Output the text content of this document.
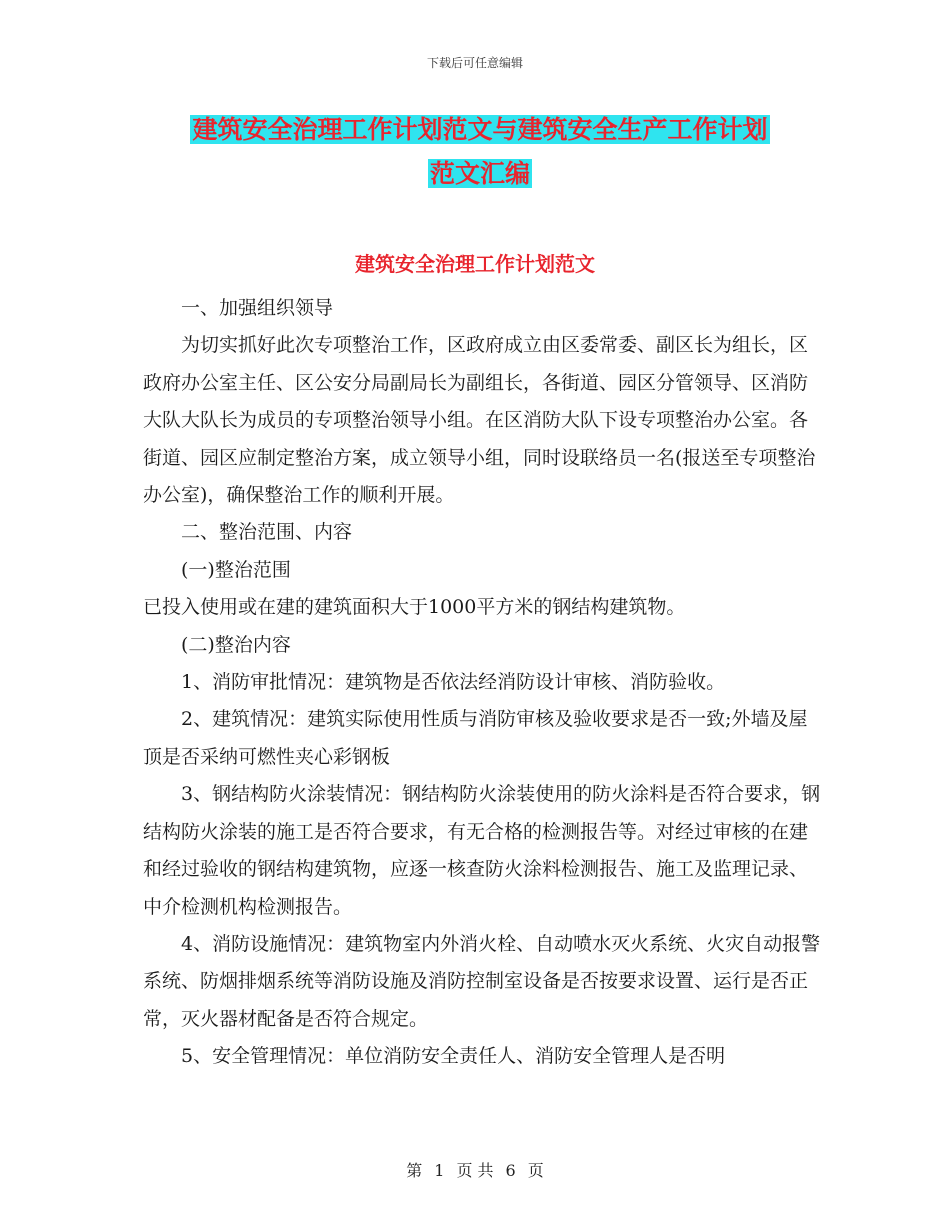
下载后可任意编辑
建筑安全治理工作计划范文与建筑安全生产工作计划
范文汇编
建筑安全治理工作计划范文

一、加强组织领导

为切实抓好此次专项整治工作，区政府成立由区委常委、副区长为组长，区政府办公室主任、区公安分局副局长为副组长，各街道、园区分管领导、区消防大队大队长为成员的专项整治领导小组。在区消防大队下设专项整治办公室。各街道、园区应制定整治方案，成立领导小组，同时设联络员一名(报送至专项整治办公室)，确保整治工作的顺利开展。

二、整治范围、内容

(一)整治范围

已投入使用或在建的建筑面积大于1000平方米的钢结构建筑物。

(二)整治内容

1、消防审批情况：建筑物是否依法经消防设计审核、消防验收。

2、建筑情况：建筑实际使用性质与消防审核及验收要求是否一致;外墙及屋顶是否采纳可燃性夹心彩钢板

3、钢结构防火涂装情况：钢结构防火涂装使用的防火涂料是否符合要求，钢结构防火涂装的施工是否符合要求，有无合格的检测报告等。对经过审核的在建和经过验收的钢结构建筑物，应逐一核查防火涂料检测报告、施工及监理记录、中介检测机构检测报告。

4、消防设施情况：建筑物室内外消火栓、自动喷水灭火系统、火灾自动报警系统、防烟排烟系统等消防设施及消防控制室设备是否按要求设置、运行是否正常，灭火器材配备是否符合规定。

5、安全管理情况：单位消防安全责任人、消防安全管理人是否明

第 1 页 共 6 页
